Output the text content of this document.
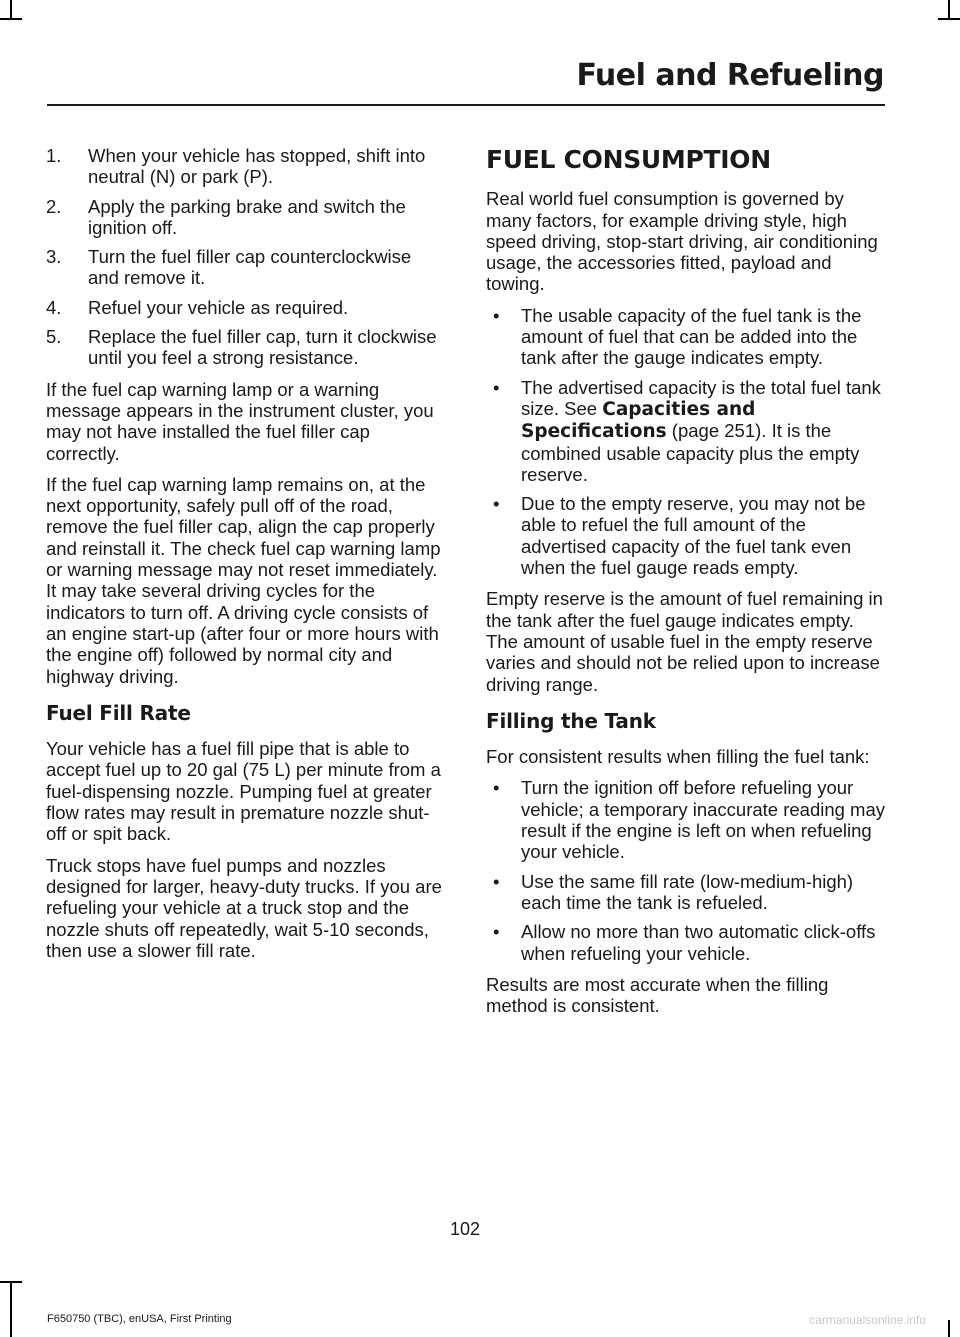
Fuel and Refueling
1. When your vehicle has stopped, shift into neutral (N) or park (P).
2. Apply the parking brake and switch the ignition off.
3. Turn the fuel filler cap counterclockwise and remove it.
4. Refuel your vehicle as required.
5. Replace the fuel filler cap, turn it clockwise until you feel a strong resistance.

If the fuel cap warning lamp or a warning message appears in the instrument cluster, you may not have installed the fuel filler cap correctly.

If the fuel cap warning lamp remains on, at the next opportunity, safely pull off of the road, remove the fuel filler cap, align the cap properly and reinstall it. The check fuel cap warning lamp or warning message may not reset immediately. It may take several driving cycles for the indicators to turn off. A driving cycle consists of an engine start-up (after four or more hours with the engine off) followed by normal city and highway driving.

Fuel Fill Rate

Your vehicle has a fuel fill pipe that is able to accept fuel up to 20 gal (75 L) per minute from a fuel-dispensing nozzle. Pumping fuel at greater flow rates may result in premature nozzle shut-off or spit back.

Truck stops have fuel pumps and nozzles designed for larger, heavy-duty trucks. If you are refueling your vehicle at a truck stop and the nozzle shuts off repeatedly, wait 5-10 seconds, then use a slower fill rate.

FUEL CONSUMPTION

Real world fuel consumption is governed by many factors, for example driving style, high speed driving, stop-start driving, air conditioning usage, the accessories fitted, payload and towing.

• The usable capacity of the fuel tank is the amount of fuel that can be added into the tank after the gauge indicates empty.
• The advertised capacity is the total fuel tank size. See Capacities and Specifications (page 251). It is the combined usable capacity plus the empty reserve.
• Due to the empty reserve, you may not be able to refuel the full amount of the advertised capacity of the fuel tank even when the fuel gauge reads empty.

Empty reserve is the amount of fuel remaining in the tank after the fuel gauge indicates empty. The amount of usable fuel in the empty reserve varies and should not be relied upon to increase driving range.

Filling the Tank

For consistent results when filling the fuel tank:

• Turn the ignition off before refueling your vehicle; a temporary inaccurate reading may result if the engine is left on when refueling your vehicle.
• Use the same fill rate (low-medium-high) each time the tank is refueled.
• Allow no more than two automatic click-offs when refueling your vehicle.

Results are most accurate when the filling method is consistent.

102
F650750 (TBC), enUSA, First Printing	carmanualsonline.info
